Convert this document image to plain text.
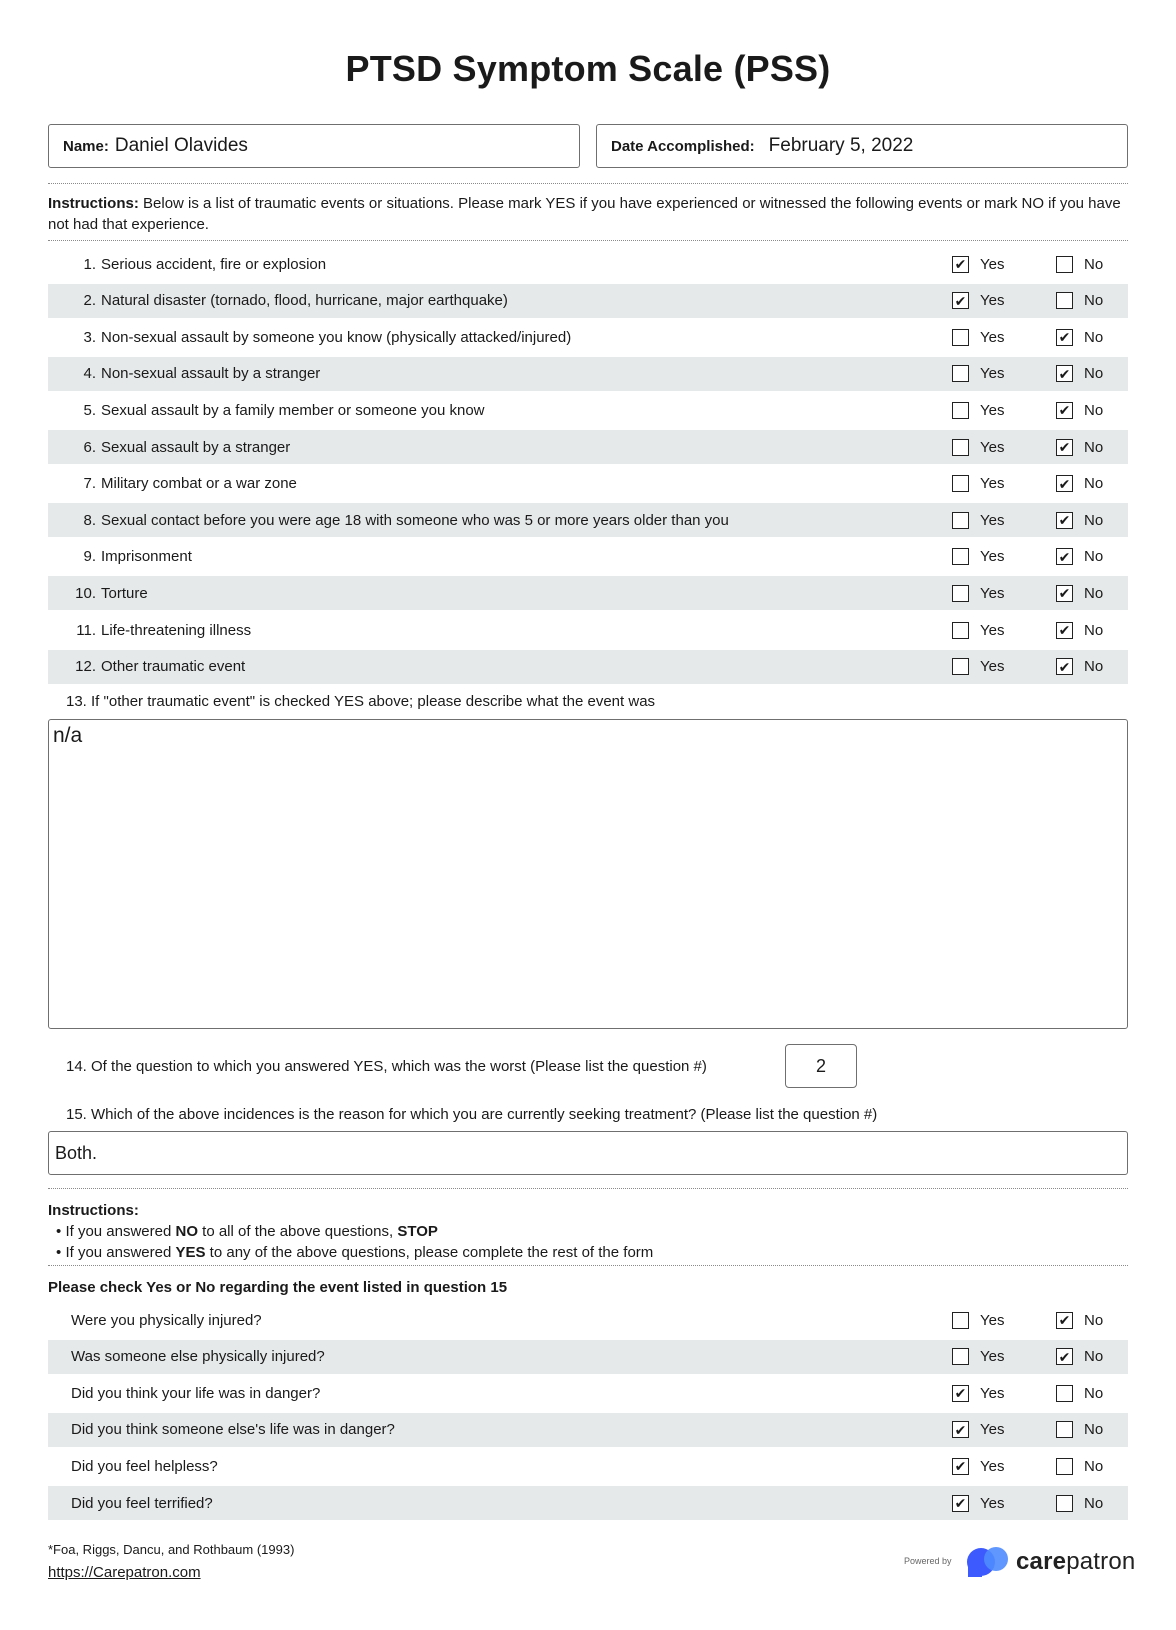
PTSD Symptom Scale (PSS)
Name: Daniel Olavides	Date Accomplished: February 5, 2022
Instructions: Below is a list of traumatic events or situations. Please mark YES if you have experienced or witnessed the following events or mark NO if you have not had that experience.
1. Serious accident, fire or explosion	✔ Yes	No
2. Natural disaster (tornado, flood, hurricane, major earthquake)	✔ Yes	No
3. Non-sexual assault by someone you know (physically attacked/injured)	Yes	✔ No
4. Non-sexual assault by a stranger	Yes	✔ No
5. Sexual assault by a family member or someone you know	Yes	✔ No
6. Sexual assault by a stranger	Yes	✔ No
7. Military combat or a war zone	Yes	✔ No
8. Sexual contact before you were age 18 with someone who was 5 or more years older than you	Yes	✔ No
9. Imprisonment	Yes	✔ No
10. Torture	Yes	✔ No
11. Life-threatening illness	Yes	✔ No
12. Other traumatic event	Yes	✔ No
13. If "other traumatic event" is checked YES above; please describe what the event was
n/a
14. Of the question to which you answered YES, which was the worst (Please list the question #)	2
15. Which of the above incidences is the reason for which you are currently seeking treatment? (Please list the question #)
Both.
Instructions:
• If you answered NO to all of the above questions, STOP
• If you answered YES to any of the above questions, please complete the rest of the form
Please check Yes or No regarding the event listed in question 15
Were you physically injured?	Yes	✔ No
Was someone else physically injured?	Yes	✔ No
Did you think your life was in danger?	✔ Yes	No
Did you think someone else's life was in danger?	✔ Yes	No
Did you feel helpless?	✔ Yes	No
Did you feel terrified?	✔ Yes	No
*Foa, Riggs, Dancu, and Rothbaum (1993)
https://Carepatron.com
Powered by	carepatron
